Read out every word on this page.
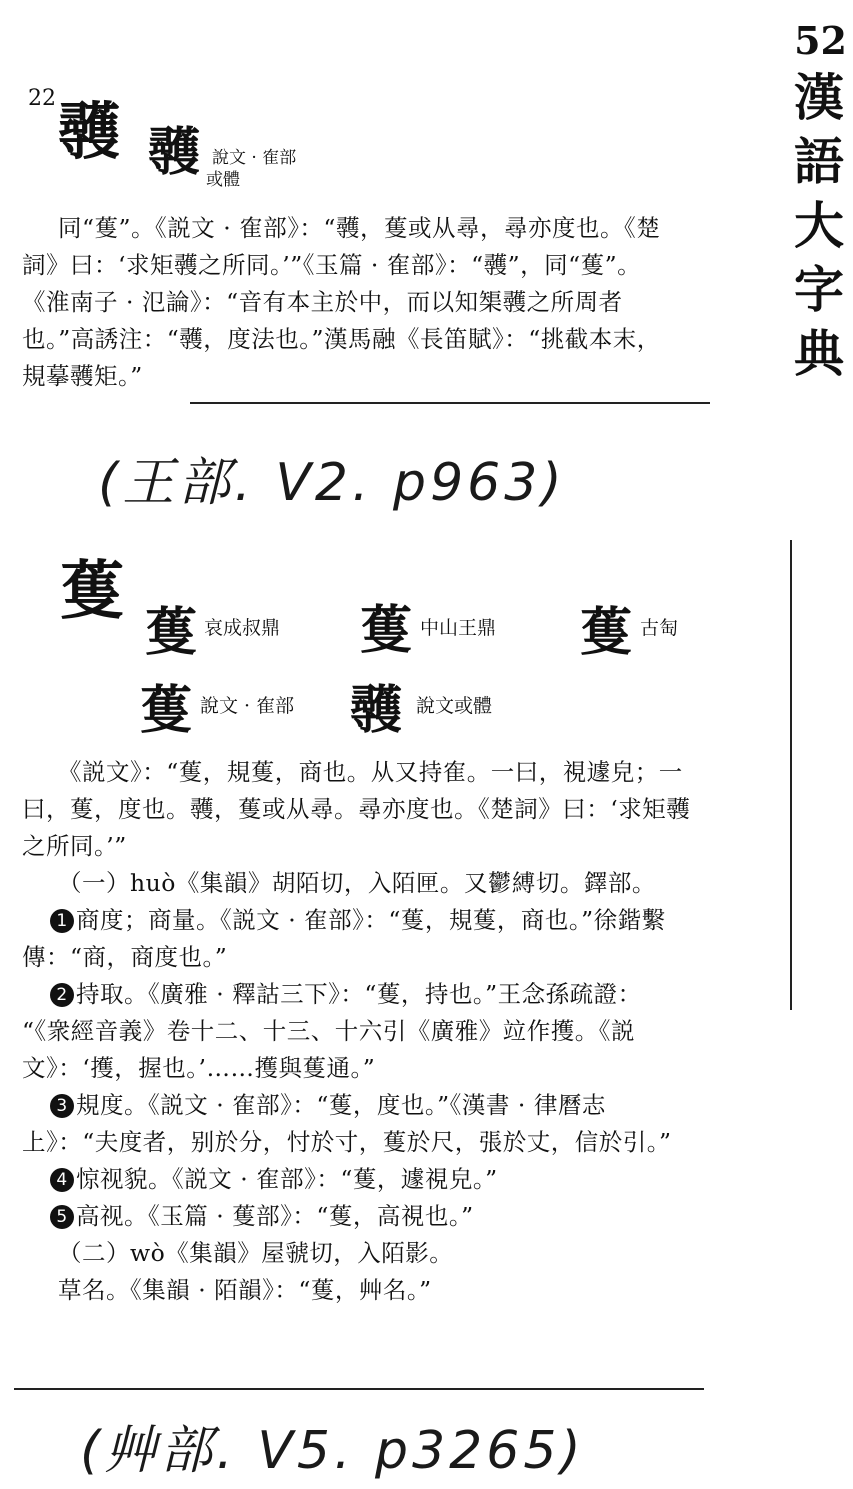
52
漢
語
大
字
典
22 彠 彠 說文 · 隺部
或體
同“蒦”。《説文 · 隺部》：“彠，蒦或从尋，尋亦度也。《楚
詞》曰：‘求矩彠之所同。’”《玉篇 · 隺部》：“彠”，同“蒦”。
《淮南子 · 氾論》：“音有本主於中，而以知榘彠之所周者
也。”高誘注：“彠，度法也。”漢馬融《長笛賦》：“挑截本末，
規摹彠矩。”
(王部. V2. p963)
蒦
蒦 哀成叔鼎 蒦 中山王鼎 蒦 古匋
蒦 說文 · 隺部 彠 說文或體
《説文》：“蒦，規蒦，商也。从又持隺。一曰，視遽皃；一
曰，蒦，度也。彠，蒦或从尋。尋亦度也。《楚詞》曰：‘求矩彠
之所同。’”
（一）huò《集韻》胡陌切，入陌匣。又鬱縛切。鐸部。
1 商度；商量。《説文 · 隺部》：“蒦，規蒦，商也。”徐鍇繫
傳：“商，商度也。”
2 持取。《廣雅 · 釋詁三下》：“蒦，持也。”王念孫疏證：
“《衆經音義》卷十二、十三、十六引《廣雅》竝作擭。《説
文》：‘擭，握也。’……擭與蒦通。”
3 規度。《説文 · 隺部》：“蒦，度也。”《漢書 · 律曆志
上》：“夫度者，别於分，忖於寸，蒦於尺，張於丈，信於引。”
4 惊视貌。《説文 · 隺部》：“蒦，遽視皃。”
5 高视。《玉篇 · 蒦部》：“蒦，高視也。”
（二）wò《集韻》屋虢切，入陌影。
草名。《集韻 · 陌韻》：“蒦，艸名。”
(艸部. V5. p3265)
